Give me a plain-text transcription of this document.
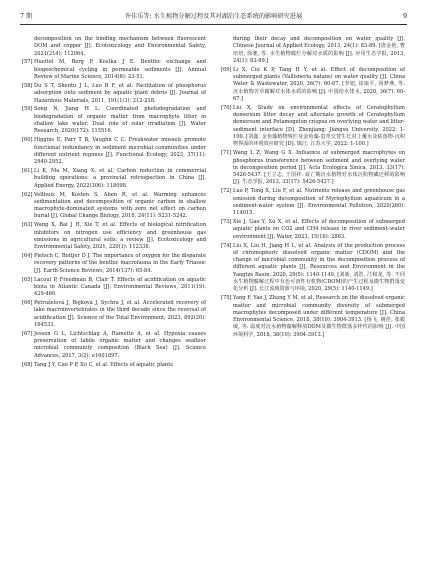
7 期	许佳乐等: 水生植物分解过程及其对湖泊生态系统的影响研究进展	9
decomposition on the binding mechanism between fluorescent DOM and copper [J]. Ecotoxicology and Environmental Safety, 2021(214): 112064.
[57] Huettel M, Berg P, Kostka J E. Benthic exchange and biogeochemical cycling in permeable sediments [J]. Annual Review of Marine Science, 2014(6): 23-51.
[58] Du S T, Shentu J L, Luo B F, et al. Facilitation of phosphorus adsorption onto sediment by aquatic plant debris [J]. Journal of Hazardous Materials, 2011, 191(1/3): 212-218.
[59] Song N, Jiang H L. Coordinated photodegradation and biodegradation of organic matter from macrophyte litter in shallow lake water: Dual role of solar irradiation [J]. Water Research, 2020(172): 115516.
[60] Higgins E, Parr T B, Vaughn C C. Freshwater mussels promote functional redundancy in sediment microbial communities under different nutrient regimes [J]. Functional Ecology, 2023, 37(11): 2940-2952.
[61] Li K, Ma M, Xiang X, et al. Carbon reduction in commercial building operations: a provincial retrospection in China [J]. Applied Energy, 2022(306): 118098.
[62] Velthuis M, Kosten S, Aben R, et al. Warming enhances sedimentation and decomposition of organic carbon in shallow macrophyte-dominated systems with zero net effect on carbon burial [J]. Global Change Biology, 2018, 24(11): 5231-5242.
[63] Wang X, Bai J H, Xie T, et al. Effects of biological nitrification inhibitors on nitrogen use efficiency and greenhouse gas emissions in agricultural soils: a review [J]. Ecotoxicology and Environmental Safety, 2021, 220(1): 112338.
[64] Pietsch C, Bottjer D J. The importance of oxygen for the disparate recovery patterns of the benthic macrofauna in the Early Triassic [J]. Earth-Science Reviews, 2014(137): 65-84.
[65] Lacoul P, Freedman B, Clair T. Effects of acidification on aquatic biota in Atlantic Canada [J]. Environmental Reviews, 2011(19): 429-460.
[66] Petruželová J, Bojková J, Sychra J, et al. Accelerated recovery of lake macroinvertebrates in the third decade since the reversal of acidification [J]. Science of the Total Environment, 2023, 892(20): 164533.
[67] Jessen G L, Lichtschlag A, Ramette A, et al. Hypoxia causes preservation of labile organic matter and changes seafloor microbial community composition (Black Sea) [J]. Science Advances, 2017, 3(2): e1601897.
[68] Tang J Y, Cao P P, Xu C, et al. Effects of aquatic plants
during their decay and decomposition on water quality [J]. Chinese Journal of Applied Ecology, 2013, 24(1): 83-89. [唐金艳, 曹培培, 徐驰, 等. 水生植物腐烂分解对水质的影响 [J]. 应用生态学报, 2013, 24(1): 83-89.]
[69] Li X, Cui K P, Tang H Y, et al. Effect of decomposition of submerged plants (Vallisneria natans) on water quality [J]. China Water & Wastewater, 2020, 36(7): 60-67. [李旭, 崔康平, 汤梦燕, 等. 沉水植物苦草腐解对水体水质的影响 [J]. 中国给水排水, 2020, 36(7): 60-67.]
[70] Liu X. Study on environmental effects of Ceratophyllum demersum litter decay and alternate growth of Ceratophyllum demersum and Potamogeton crispus on overlying water and litter-sediment interface [D]. Zhenjiang: Jiangsu University, 2022: 1-100. [刘鑫. 金鱼藻植物残烂及金鱼藻-菹草交替生长对上覆水及枯落物-沉积物界面的环境效应研究 [D]. 镇江: 江苏大学, 2022: 1-100.]
[71] Wang L Z, Wang G X. Influence of submerged macrophytes on phosphorus transference between sediment and overlying water in decomposition period [J]. Acta Ecologica Sinica, 2013, 33(17): 5426-5437. [王立志, 王国祥. 衰亡期沉水植物对水体沉积物磷迁移的影响 [J]. 生态学报, 2013, 33(17): 5426-5437.]
[72] Luo P, Tong X, Liu F, et al. Nutrients release and greenhouse gas emission during decomposition of Myriophyllum aquaticum in a sediment-water system [J]. Environmental Pollution, 2020(260): 114015.
[73] Xie J, Gao Y, Xu X, et al. Effects of decomposition of submerged aquatic plants on CO2 and CH4 release in river sediment–water environment [J]. Water, 2023, 15(16): 2863.
[74] Liu X, Liu H, Jiang H L, et al. Analysis of the production process of chromophoric dissolved organic matter (CDOM) and the change of microbial community in the decomposition process of different aquatic plants [J]. Resources and Environment in the Yangtze Basin, 2020, 29(5): 1140-1149. [刘新, 刘浩, 江和龙, 等. 不同水生植物腐解过程中有色可溶性有机物(CDOM)的产生过程及微生物群落变化分析 [J]. 长江流域资源与环境, 2020, 29(5): 1140-1149.]
[75] Yang F, Yao J, Zhang Y M, et al. Research on the dissolved organic matter and microbial community diversity of submerged macrophytes decomposed under different temperature [J]. China Environmental Science, 2018, 38(10): 3904-3913. [杨飞, 姚佳, 张毅敏, 等. 温度对沉水植物腐解释放DOM及微生物群落多样性的影响 [J]. 中国环境科学, 2018, 38(10): 3904-3913.]
